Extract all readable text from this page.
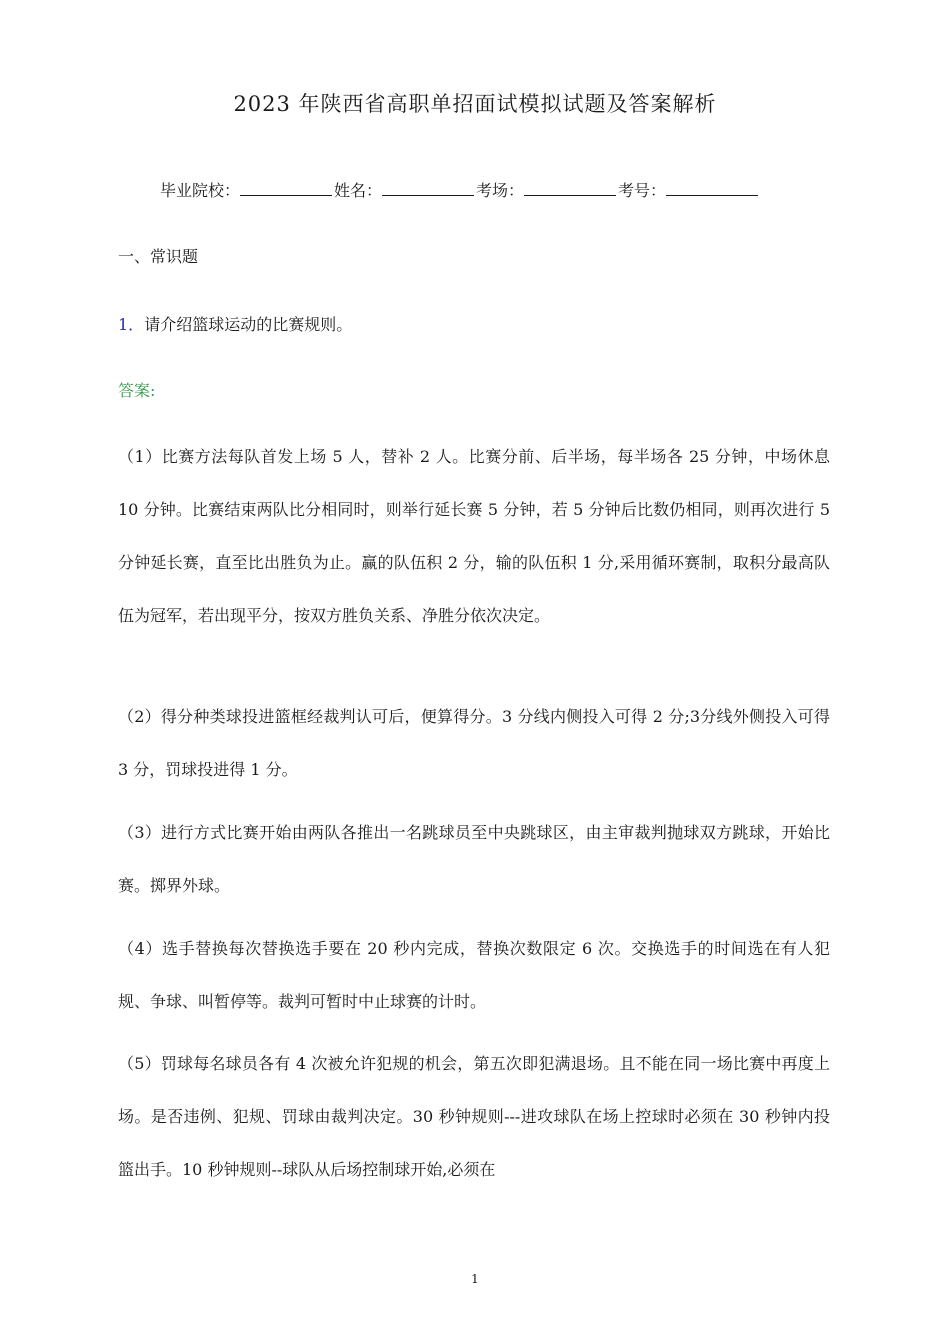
2023 年陕西省高职单招面试模拟试题及答案解析
毕业院校：	姓名：	考场：	考号：
一、常识题
1．请介绍篮球运动的比赛规则。
答案:
（1）比赛方法每队首发上场 5 人，替补 2 人。比赛分前、后半场，每半场各 25 分钟，中场休息 10 分钟。比赛结束两队比分相同时，则举行延长赛 5 分钟，若 5 分钟后比数仍相同，则再次进行 5 分钟延长赛，直至比出胜负为止。赢的队伍积 2 分，输的队伍积 1 分,采用循环赛制，取积分最高队伍为冠军，若出现平分，按双方胜负关系、净胜分依次决定。
（2）得分种类球投进篮框经裁判认可后，便算得分。3 分线内侧投入可得 2 分;3分线外侧投入可得 3 分，罚球投进得 1 分。
（3）进行方式比赛开始由两队各推出一名跳球员至中央跳球区，由主审裁判抛球双方跳球，开始比赛。掷界外球。
（4）选手替换每次替换选手要在 20 秒内完成，替换次数限定 6 次。交换选手的时间选在有人犯规、争球、叫暂停等。裁判可暂时中止球赛的计时。
（5）罚球每名球员各有 4 次被允许犯规的机会，第五次即犯满退场。且不能在同一场比赛中再度上场。是否违例、犯规、罚球由裁判决定。30 秒钟规则---进攻球队在场上控球时必须在 30 秒钟内投篮出手。10 秒钟规则--球队从后场控制球开始,必须在
1
